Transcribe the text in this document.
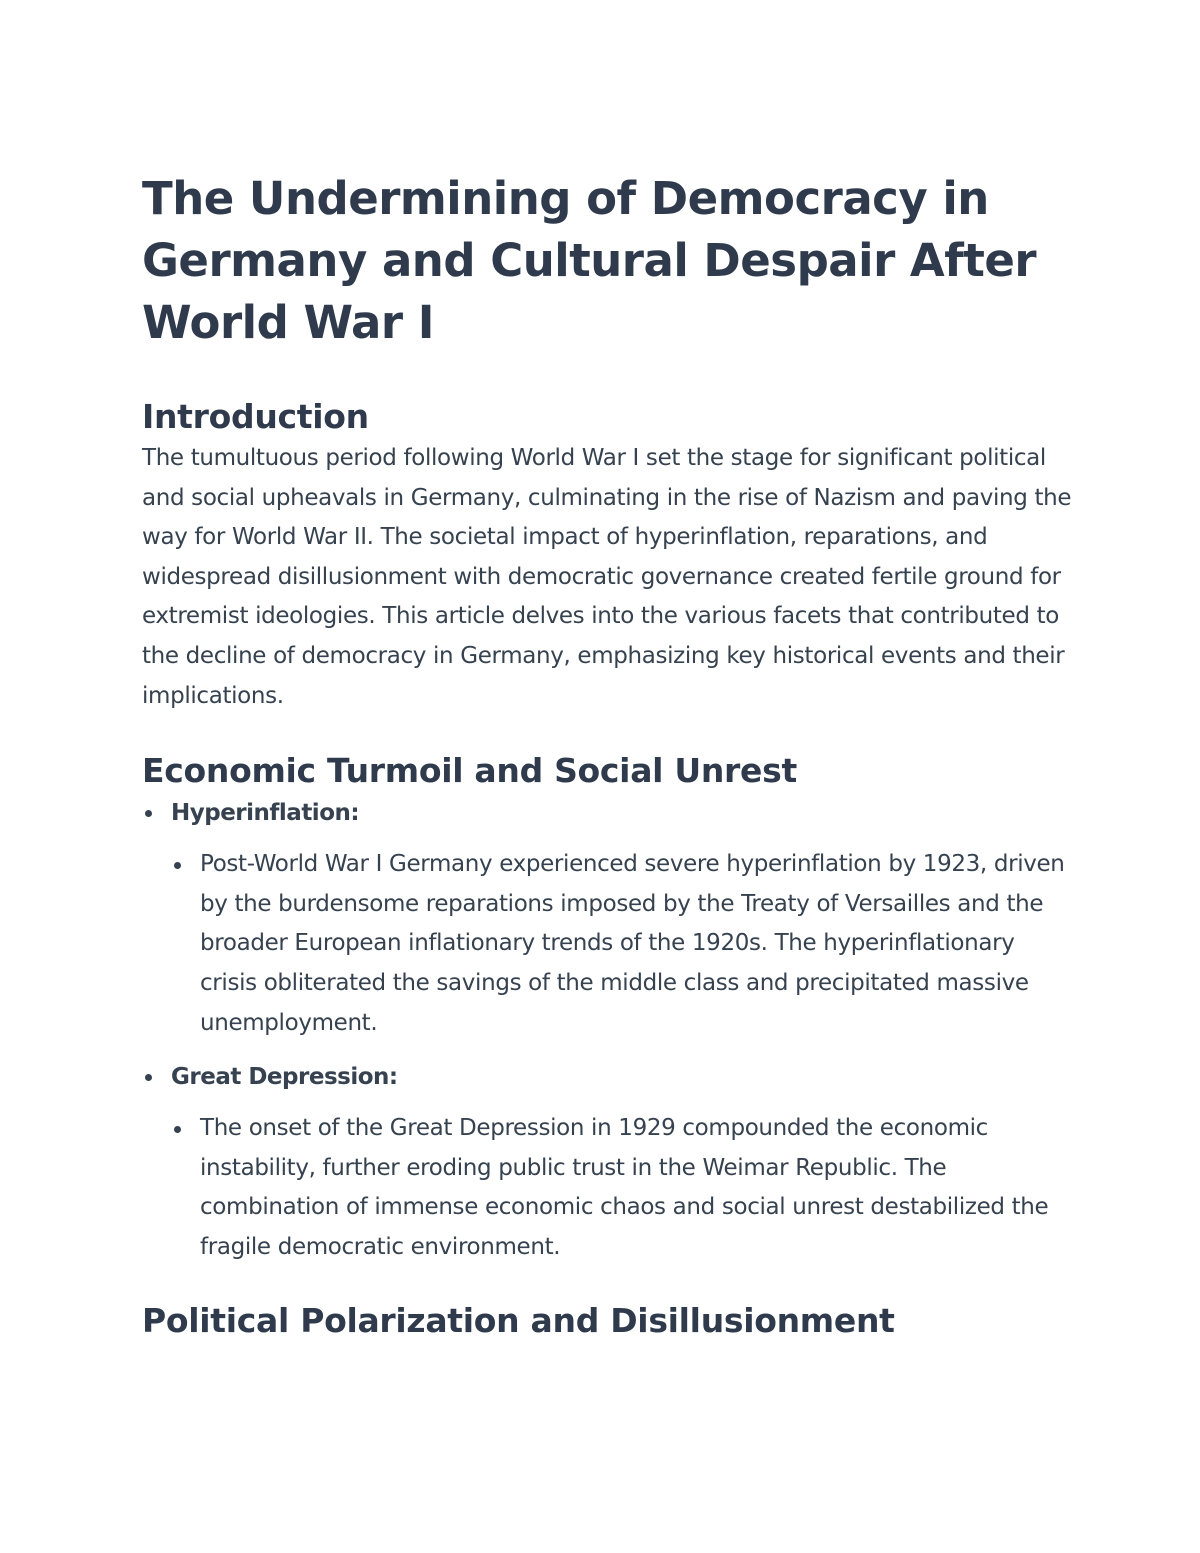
The Undermining of Democracy in Germany and Cultural Despair After World War I
Introduction

The tumultuous period following World War I set the stage for significant political and social upheavals in Germany, culminating in the rise of Nazism and paving the way for World War II. The societal impact of hyperinflation, reparations, and widespread disillusionment with democratic governance created fertile ground for extremist ideologies. This article delves into the various facets that contributed to the decline of democracy in Germany, emphasizing key historical events and their implications.

Economic Turmoil and Social Unrest
Hyperinflation:

Post-World War I Germany experienced severe hyperinflation by 1923, driven by the burdensome reparations imposed by the Treaty of Versailles and the broader European inflationary trends of the 1920s. The hyperinflationary crisis obliterated the savings of the middle class and precipitated massive unemployment.

Great Depression:

The onset of the Great Depression in 1929 compounded the economic instability, further eroding public trust in the Weimar Republic. The combination of immense economic chaos and social unrest destabilized the fragile democratic environment.

Political Polarization and Disillusionment
